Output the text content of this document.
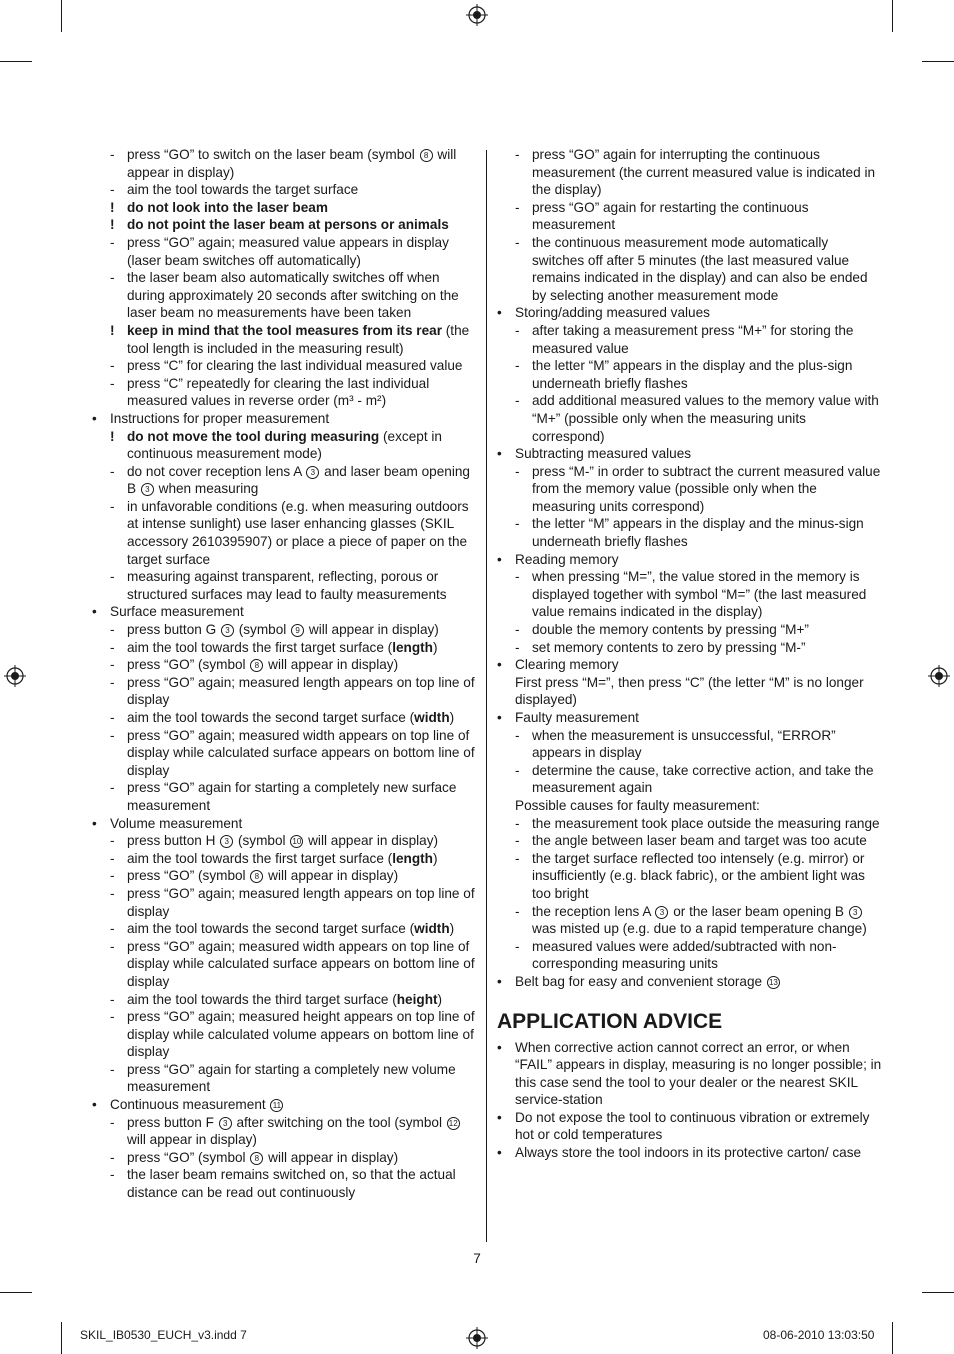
- press “GO” to switch on the laser beam (symbol 8 will appear in display)
- aim the tool towards the target surface
! do not look into the laser beam
! do not point the laser beam at persons or animals
- press “GO” again; measured value appears in display (laser beam switches off automatically)
- the laser beam also automatically switches off when during approximately 20 seconds after switching on the laser beam no measurements have been taken
! keep in mind that the tool measures from its rear (the tool length is included in the measuring result)
- press “C” for clearing the last individual measured value
- press “C” repeatedly for clearing the last individual measured values in reverse order (m³ - m²)
• Instructions for proper measurement
! do not move the tool during measuring (except in continuous measurement mode)
- do not cover reception lens A 3 and laser beam opening B 3 when measuring
- in unfavorable conditions (e.g. when measuring outdoors at intense sunlight) use laser enhancing glasses (SKIL accessory 2610395907) or place a piece of paper on the target surface
- measuring against transparent, reflecting, porous or structured surfaces may lead to faulty measurements
• Surface measurement
- press button G 3 (symbol 9 will appear in display)
- aim the tool towards the first target surface (length)
- press “GO” (symbol 8 will appear in display)
- press “GO” again; measured length appears on top line of display
- aim the tool towards the second target surface (width)
- press “GO” again; measured width appears on top line of display while calculated surface appears on bottom line of display
- press “GO” again for starting a completely new surface measurement
• Volume measurement
- press button H 3 (symbol 10 will appear in display)
- aim the tool towards the first target surface (length)
- press “GO” (symbol 8 will appear in display)
- press “GO” again; measured length appears on top line of display
- aim the tool towards the second target surface (width)
- press “GO” again; measured width appears on top line of display while calculated surface appears on bottom line of display
- aim the tool towards the third target surface (height)
- press “GO” again; measured height appears on top line of display while calculated volume appears on bottom line of display
- press “GO” again for starting a completely new volume measurement
• Continuous measurement 11
- press button F 3 after switching on the tool (symbol 12 will appear in display)
- press “GO” (symbol 8 will appear in display)
- the laser beam remains switched on, so that the actual distance can be read out continuously
- press “GO” again for interrupting the continuous measurement (the current measured value is indicated in the display)
- press “GO” again for restarting the continuous measurement
- the continuous measurement mode automatically switches off after 5 minutes (the last measured value remains indicated in the display) and can also be ended by selecting another measurement mode
• Storing/adding measured values
- after taking a measurement press “M+” for storing the measured value
- the letter “M” appears in the display and the plus-sign underneath briefly flashes
- add additional measured values to the memory value with “M+” (possible only when the measuring units correspond)
• Subtracting measured values
- press “M-” in order to subtract the current measured value from the memory value (possible only when the measuring units correspond)
- the letter “M” appears in the display and the minus-sign underneath briefly flashes
• Reading memory
- when pressing “M=”, the value stored in the memory is displayed together with symbol “M=” (the last measured value remains indicated in the display)
- double the memory contents by pressing “M+”
- set memory contents to zero by pressing “M-”
• Clearing memory
First press “M=”, then press “C” (the letter “M” is no longer displayed)
• Faulty measurement
- when the measurement is unsuccessful, “ERROR” appears in display
- determine the cause, take corrective action, and take the measurement again
Possible causes for faulty measurement:
- the measurement took place outside the measuring range
- the angle between laser beam and target was too acute
- the target surface reflected too intensely (e.g. mirror) or insufficiently (e.g. black fabric), or the ambient light was too bright
- the reception lens A 3 or the laser beam opening B 3 was misted up (e.g. due to a rapid temperature change)
- measured values were added/subtracted with non-corresponding measuring units
• Belt bag for easy and convenient storage 13
APPLICATION ADVICE
• When corrective action cannot correct an error, or when “FAIL” appears in display, measuring is no longer possible; in this case send the tool to your dealer or the nearest SKIL service-station
• Do not expose the tool to continuous vibration or extremely hot or cold temperatures
• Always store the tool indoors in its protective carton/ case
7
SKIL_IB0530_EUCH_v3.indd 7	08-06-2010 13:03:50
